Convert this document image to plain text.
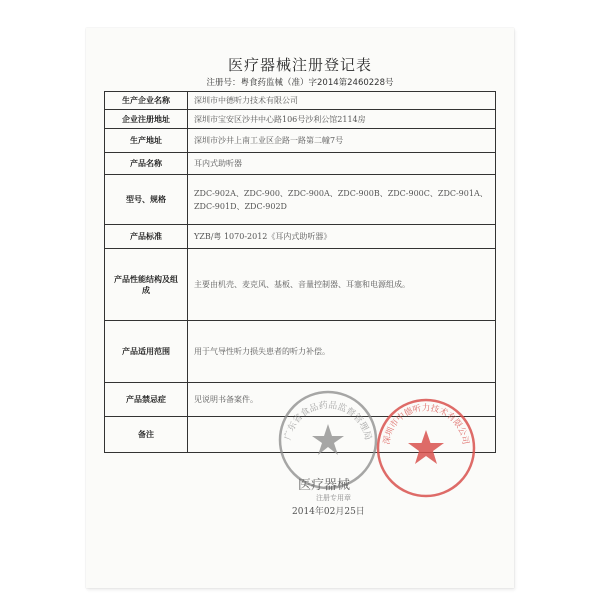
医疗器械注册登记表
注册号：粤食药监械（准）字2014第2460228号
生产企业名称	深圳市中德听力技术有限公司
企业注册地址	深圳市宝安区沙井中心路106号沙利公馆2114房
生产地址	深圳市沙井上南工业区企路一路第二幢7号
产品名称	耳内式助听器
型号、规格	ZDC-902A、ZDC-900、ZDC-900A、ZDC-900B、ZDC-900C、ZDC-901A、ZDC-901D、ZDC-902D
产品标准	YZB/粤 1070-2012《耳内式助听器》
产品性能结构及组成	主要由机壳、麦克风、基板、音量控制器、耳塞和电源组成。
产品适用范围	用于气导性听力损失患者的听力补偿。
产品禁忌症	见说明书备案件。
备注		广东省食品药品监督管理局
医疗器械
注册专用章
2014年02月25日
深圳市中德听力技术有限公司
